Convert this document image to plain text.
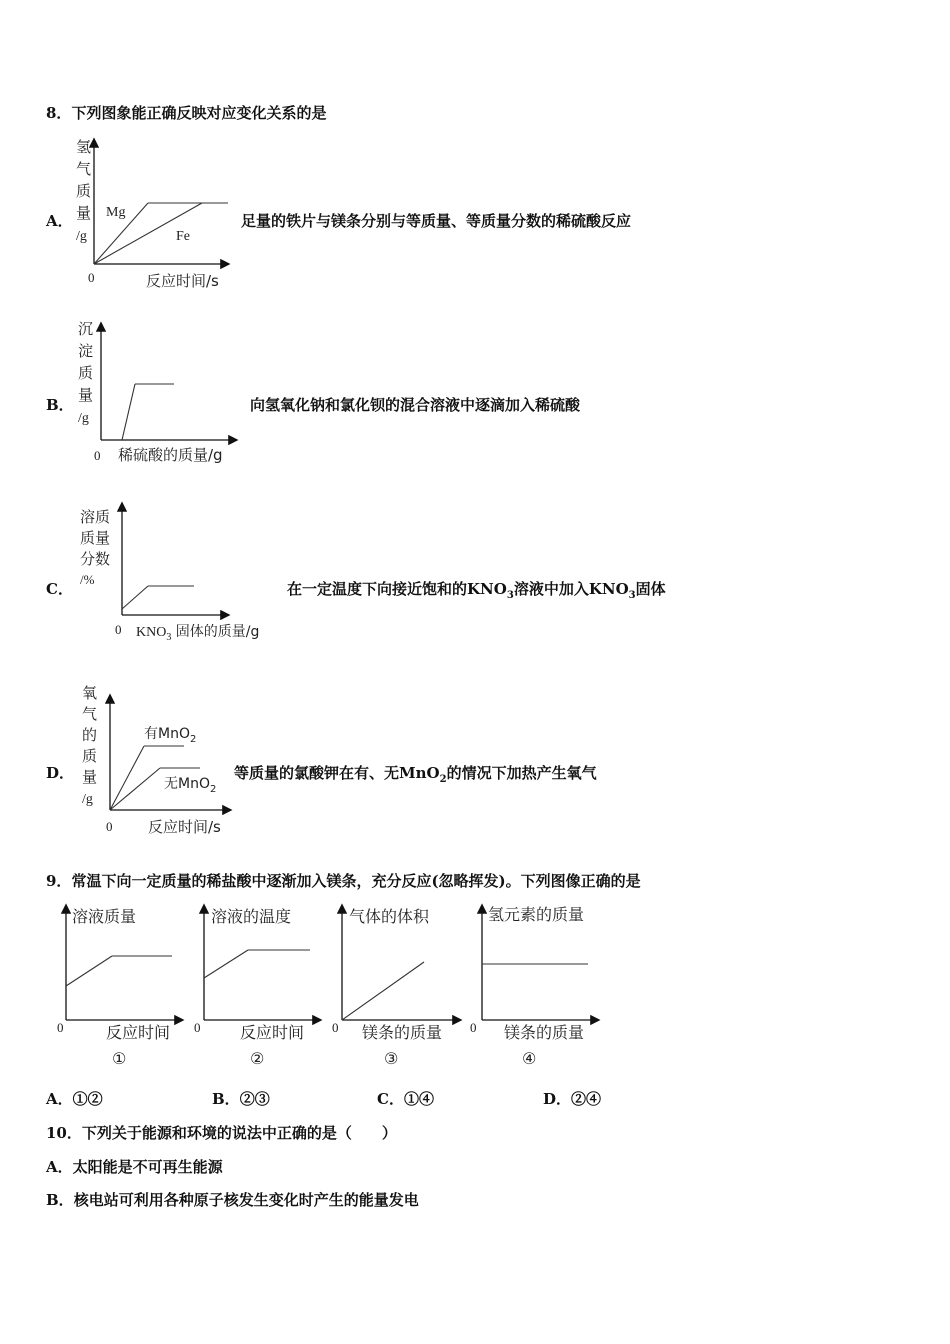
8．下列图象能正确反映对应变化关系的是
A．
氢
气
质
量
/g
Mg
Fe
0	反应时间/s
足量的铁片与镁条分别与等质量、等质量分数的稀硫酸反应
B．
沉
淀
质
量
/g
0 稀硫酸的质量/g
向氢氧化钠和氯化钡的混合溶液中逐滴加入稀硫酸
C．
溶质
质量
分数
/%
0 $KNO_3$ 固体的质量/g
在一定温度下向接近饱和的$KNO_3$溶液中加入$KNO_3$固体
D．
氧
气
的
质
量
/g
有MnO$_2$
无MnO$_2$
0 反应时间/s
等质量的氯酸钾在有、无MnO$_2$的情况下加热产生氧气
9．常温下向一定质量的稀盐酸中逐渐加入镁条，充分反应(忽略挥发)。下列图像正确的是
溶液质量
0	反应时间
①
溶液的温度
0 反应时间
②
气体的体积
0 镁条的质量
③
氢元素的质量
0 镁条的质量
④
A．①②	B．②③	C．①④	D．②④
10．下列关于能源和环境的说法中正确的是（　　）
A．太阳能是不可再生能源
B．核电站可利用各种原子核发生变化时产生的能量发电
